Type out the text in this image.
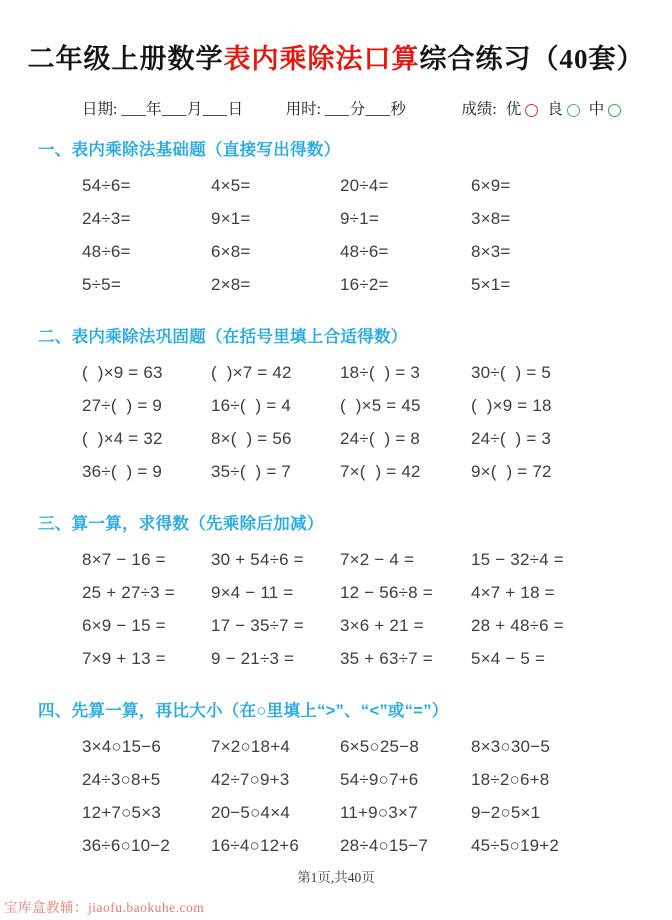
二年级上册数学表内乘除法口算综合练习（40套）
日期: ___年___月___日	用时: ___分___秒	成绩: 优 良 中
一、表内乘除法基础题（直接写出得数）
54÷6=	4×5=	20÷4=	6×9=
24÷3=	9×1=	9÷1=	3×8=
48÷6=	6×8=	48÷6=	8×3=
5÷5=	2×8=	16÷2=	5×1=
二、表内乘除法巩固题（在括号里填上合适得数）
(  )×9 = 63	(  )×7 = 42	18÷(  ) = 3	30÷(  ) = 5
27÷(  ) = 9	16÷(  ) = 4	(  )×5 = 45	(  )×9 = 18
(  )×4 = 32	8×(  ) = 56	24÷(  ) = 8	24÷(  ) = 3
36÷(  ) = 9	35÷(  ) = 7	7×(  ) = 42	9×(  ) = 72
三、算一算，求得数（先乘除后加减）
8×7 − 16 =	30 + 54÷6 =	7×2 − 4 =	15 − 32÷4 =
25 + 27÷3 =	9×4 − 11 =	12 − 56÷8 =	4×7 + 18 =
6×9 − 15 =	17 − 35÷7 =	3×6 + 21 =	28 + 48÷6 =
7×9 + 13 =	9 − 21÷3 =	35 + 63÷7 =	5×4 − 5 =
四、先算一算，再比大小（在○里填上“>”、“<”或“=”）
3×4○15−6	7×2○18+4	6×5○25−8	8×3○30−5
24÷3○8+5	42÷7○9+3	54÷9○7+6	18÷2○6+8
12+7○5×3	20−5○4×4	11+9○3×7	9−2○5×1
36÷6○10−2	16÷4○12+6	28÷4○15−7	45÷5○19+2
第1页,共40页
宝库盒教辅：jiaofu.baokuhe.com
